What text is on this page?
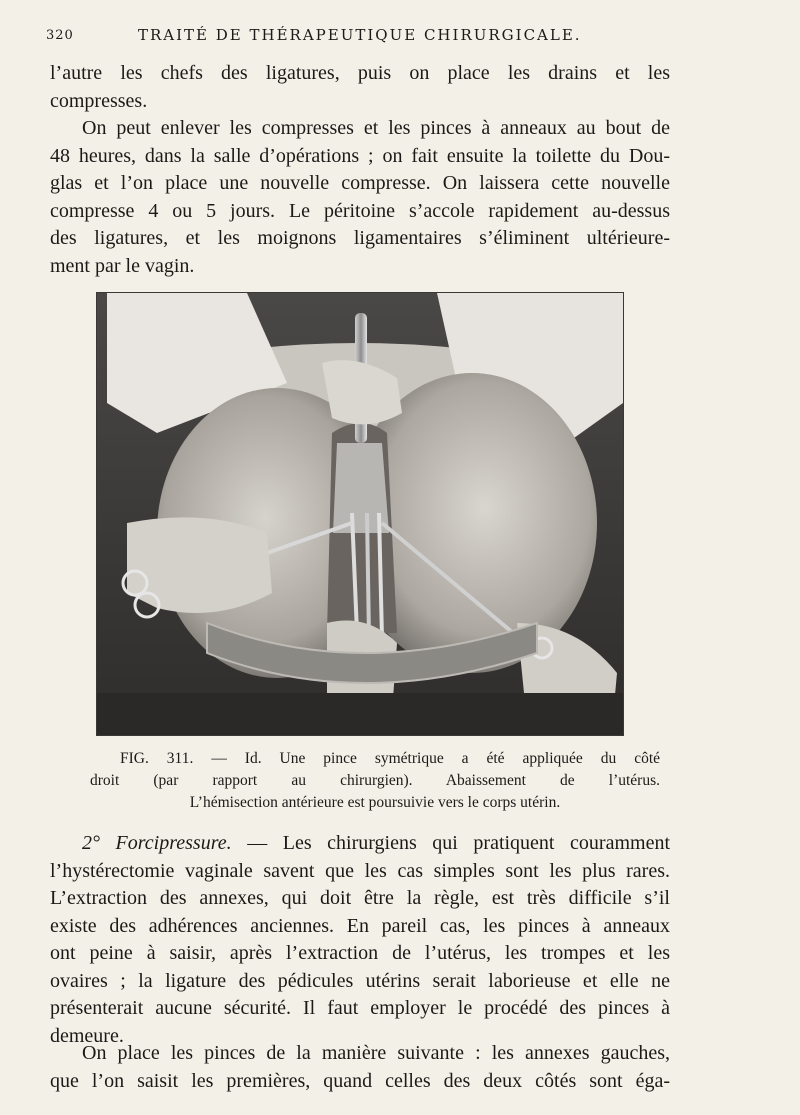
320	TRAITÉ DE THÉRAPEUTIQUE CHIRURGICALE.
l’autre les chefs des ligatures, puis on place les drains et les
compresses.
On peut enlever les compresses et les pinces à anneaux au bout de
48 heures, dans la salle d’opérations ; on fait ensuite la toilette du Dou-
glas et l’on place une nouvelle compresse. On laissera cette nouvelle
compresse 4 ou 5 jours. Le péritoine s’accole rapidement au-dessus
des ligatures, et les moignons ligamentaires s’éliminent ultérieure-
ment par le vagin.
FIG. 311. — Id. Une pince symétrique a été appliquée du côté
droit (par rapport au chirurgien). Abaissement de l’utérus.
L’hémisection antérieure est poursuivie vers le corps utérin.
2° Forcipressure. — Les chirurgiens qui pratiquent couramment
l’hystérectomie vaginale savent que les cas simples sont les plus rares.
L’extraction des annexes, qui doit être la règle, est très difficile s’il
existe des adhérences anciennes. En pareil cas, les pinces à anneaux
ont peine à saisir, après l’extraction de l’utérus, les trompes et les
ovaires ; la ligature des pédicules utérins serait laborieuse et elle ne
présenterait aucune sécurité. Il faut employer le procédé des pinces à
demeure.
On place les pinces de la manière suivante : les annexes gauches,
que l’on saisit les premières, quand celles des deux côtés sont éga-
